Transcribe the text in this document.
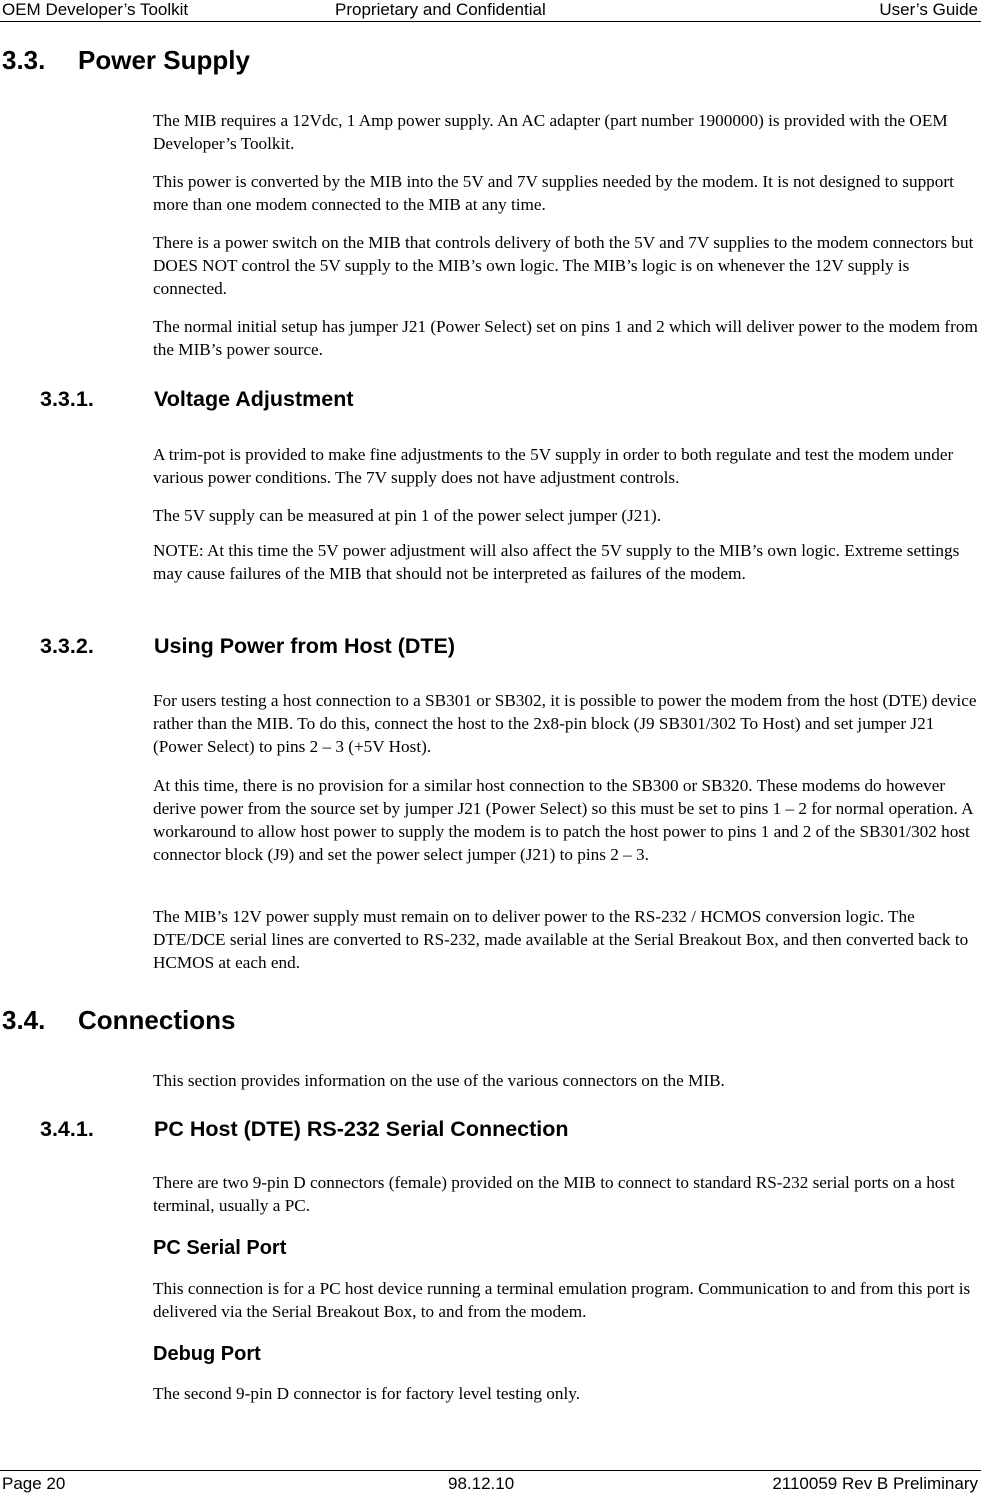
OEM Developer’s Toolkit	Proprietary and Confidential	User’s Guide
3.3. Power Supply
The MIB requires a 12Vdc, 1 Amp power supply. An AC adapter (part number 1900000) is provided with the OEM Developer’s Toolkit.
This power is converted by the MIB into the 5V and 7V supplies needed by the modem. It is not designed to support more than one modem connected to the MIB at any time.
There is a power switch on the MIB that controls delivery of both the 5V and 7V supplies to the modem connectors but DOES NOT control the 5V supply to the MIB’s own logic. The MIB’s logic is on whenever the 12V supply is connected.
The normal initial setup has jumper J21 (Power Select) set on pins 1 and 2 which will deliver power to the modem from the MIB’s power source.
3.3.1.	Voltage Adjustment
A trim-pot is provided to make fine adjustments to the 5V supply in order to both regulate and test the modem under various power conditions. The 7V supply does not have adjustment controls.
The 5V supply can be measured at pin 1 of the power select jumper (J21).
NOTE: At this time the 5V power adjustment will also affect the 5V supply to the MIB’s own logic. Extreme settings may cause failures of the MIB that should not be interpreted as failures of the modem.
3.3.2.	Using Power from Host (DTE)
For users testing a host connection to a SB301 or SB302, it is possible to power the modem from the host (DTE) device rather than the MIB. To do this, connect the host to the 2x8-pin block (J9 SB301/302 To Host) and set jumper J21 (Power Select) to pins 2 – 3 (+5V Host).
At this time, there is no provision for a similar host connection to the SB300 or SB320. These modems do however derive power from the source set by jumper J21 (Power Select) so this must be set to pins 1 – 2 for normal operation. A workaround to allow host power to supply the modem is to patch the host power to pins 1 and 2 of the SB301/302 host connector block (J9) and set the power select jumper (J21) to pins 2 – 3.
The MIB’s 12V power supply must remain on to deliver power to the RS-232 / HCMOS conversion logic. The DTE/DCE serial lines are converted to RS-232, made available at the Serial Breakout Box, and then converted back to HCMOS at each end.
3.4. Connections
This section provides information on the use of the various connectors on the MIB.
3.4.1.	PC Host (DTE) RS-232 Serial Connection
There are two 9-pin D connectors (female) provided on the MIB to connect to standard RS-232 serial ports on a host terminal, usually a PC.
PC Serial Port
This connection is for a PC host device running a terminal emulation program. Communication to and from this port is delivered via the Serial Breakout Box, to and from the modem.
Debug Port
The second 9-pin D connector is for factory level testing only.
Page 20	98.12.10	2110059 Rev B Preliminary
